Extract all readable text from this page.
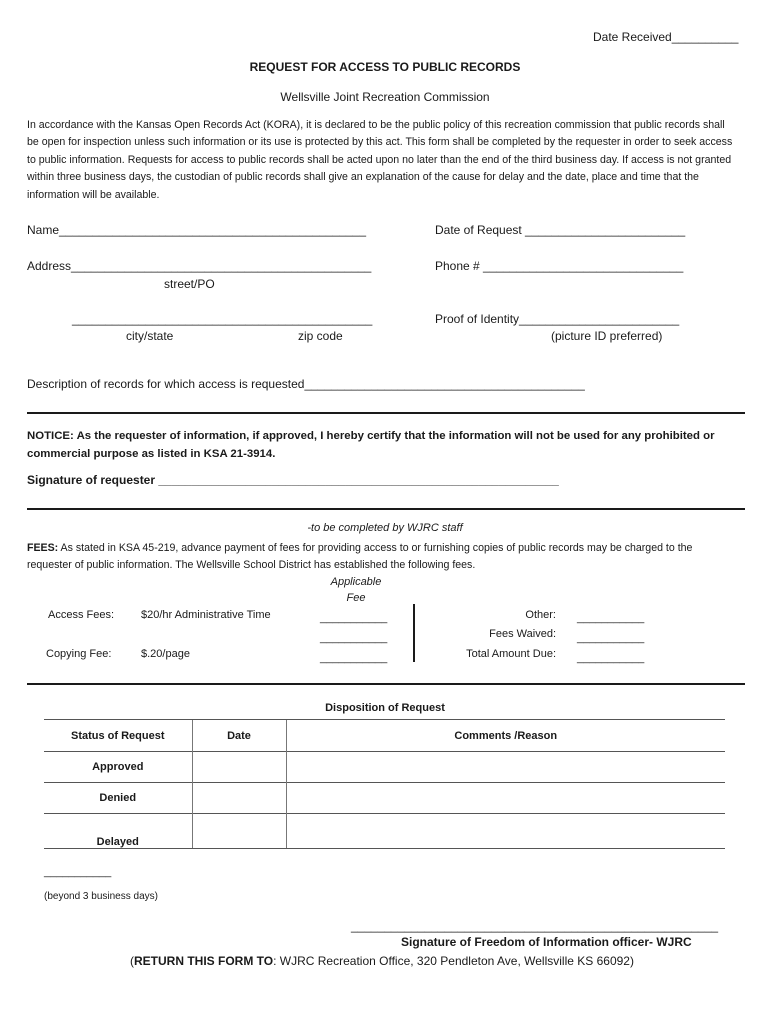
Date Received__________
REQUEST FOR ACCESS TO PUBLIC RECORDS
Wellsville Joint Recreation Commission
In accordance with the Kansas Open Records Act (KORA), it is declared to be the public policy of this recreation commission that public records shall be open for inspection unless such information or its use is protected by this act. This form shall be completed by the requester in order to seek access to public information. Requests for access to public records shall be acted upon no later than the end of the third business day. If access is not granted within three business days, the custodian of public records shall give an explanation of the cause for delay and the date, place and time that the information will be available.
Name______________________________________________	Date of Request ________________________
Address_____________________________________________	Phone # ______________________________
street/PO
_____________________________________________	Proof of Identity________________________
city/state	zip code	(picture ID preferred)
Description of records for which access is requested__________________________________________
NOTICE: As the requester of information, if approved, I hereby certify that the information will not be used for any prohibited or commercial purpose as listed in KSA 21-3914.
Signature of requester ____________________________________________________________
-to be completed by WJRC staff
FEES: As stated in KSA 45-219, advance payment of fees for providing access to or furnishing copies of public records may be charged to the requester of public information. The Wellsville School District has established the following fees.
Applicable
Fee
Access Fees: $20/hr Administrative Time	___________
___________
Copying Fee:	$.20/page	___________
Other: ___________
Fees Waived: ___________
Total Amount Due: ___________
Disposition of Request
Status of Request	Date	Comments /Reason
Approved		
Denied		
Delayed		
___________
(beyond 3 business days)
_______________________________________________________
Signature of Freedom of Information officer- WJRC
(RETURN THIS FORM TO: WJRC Recreation Office, 320 Pendleton Ave, Wellsville KS 66092)
